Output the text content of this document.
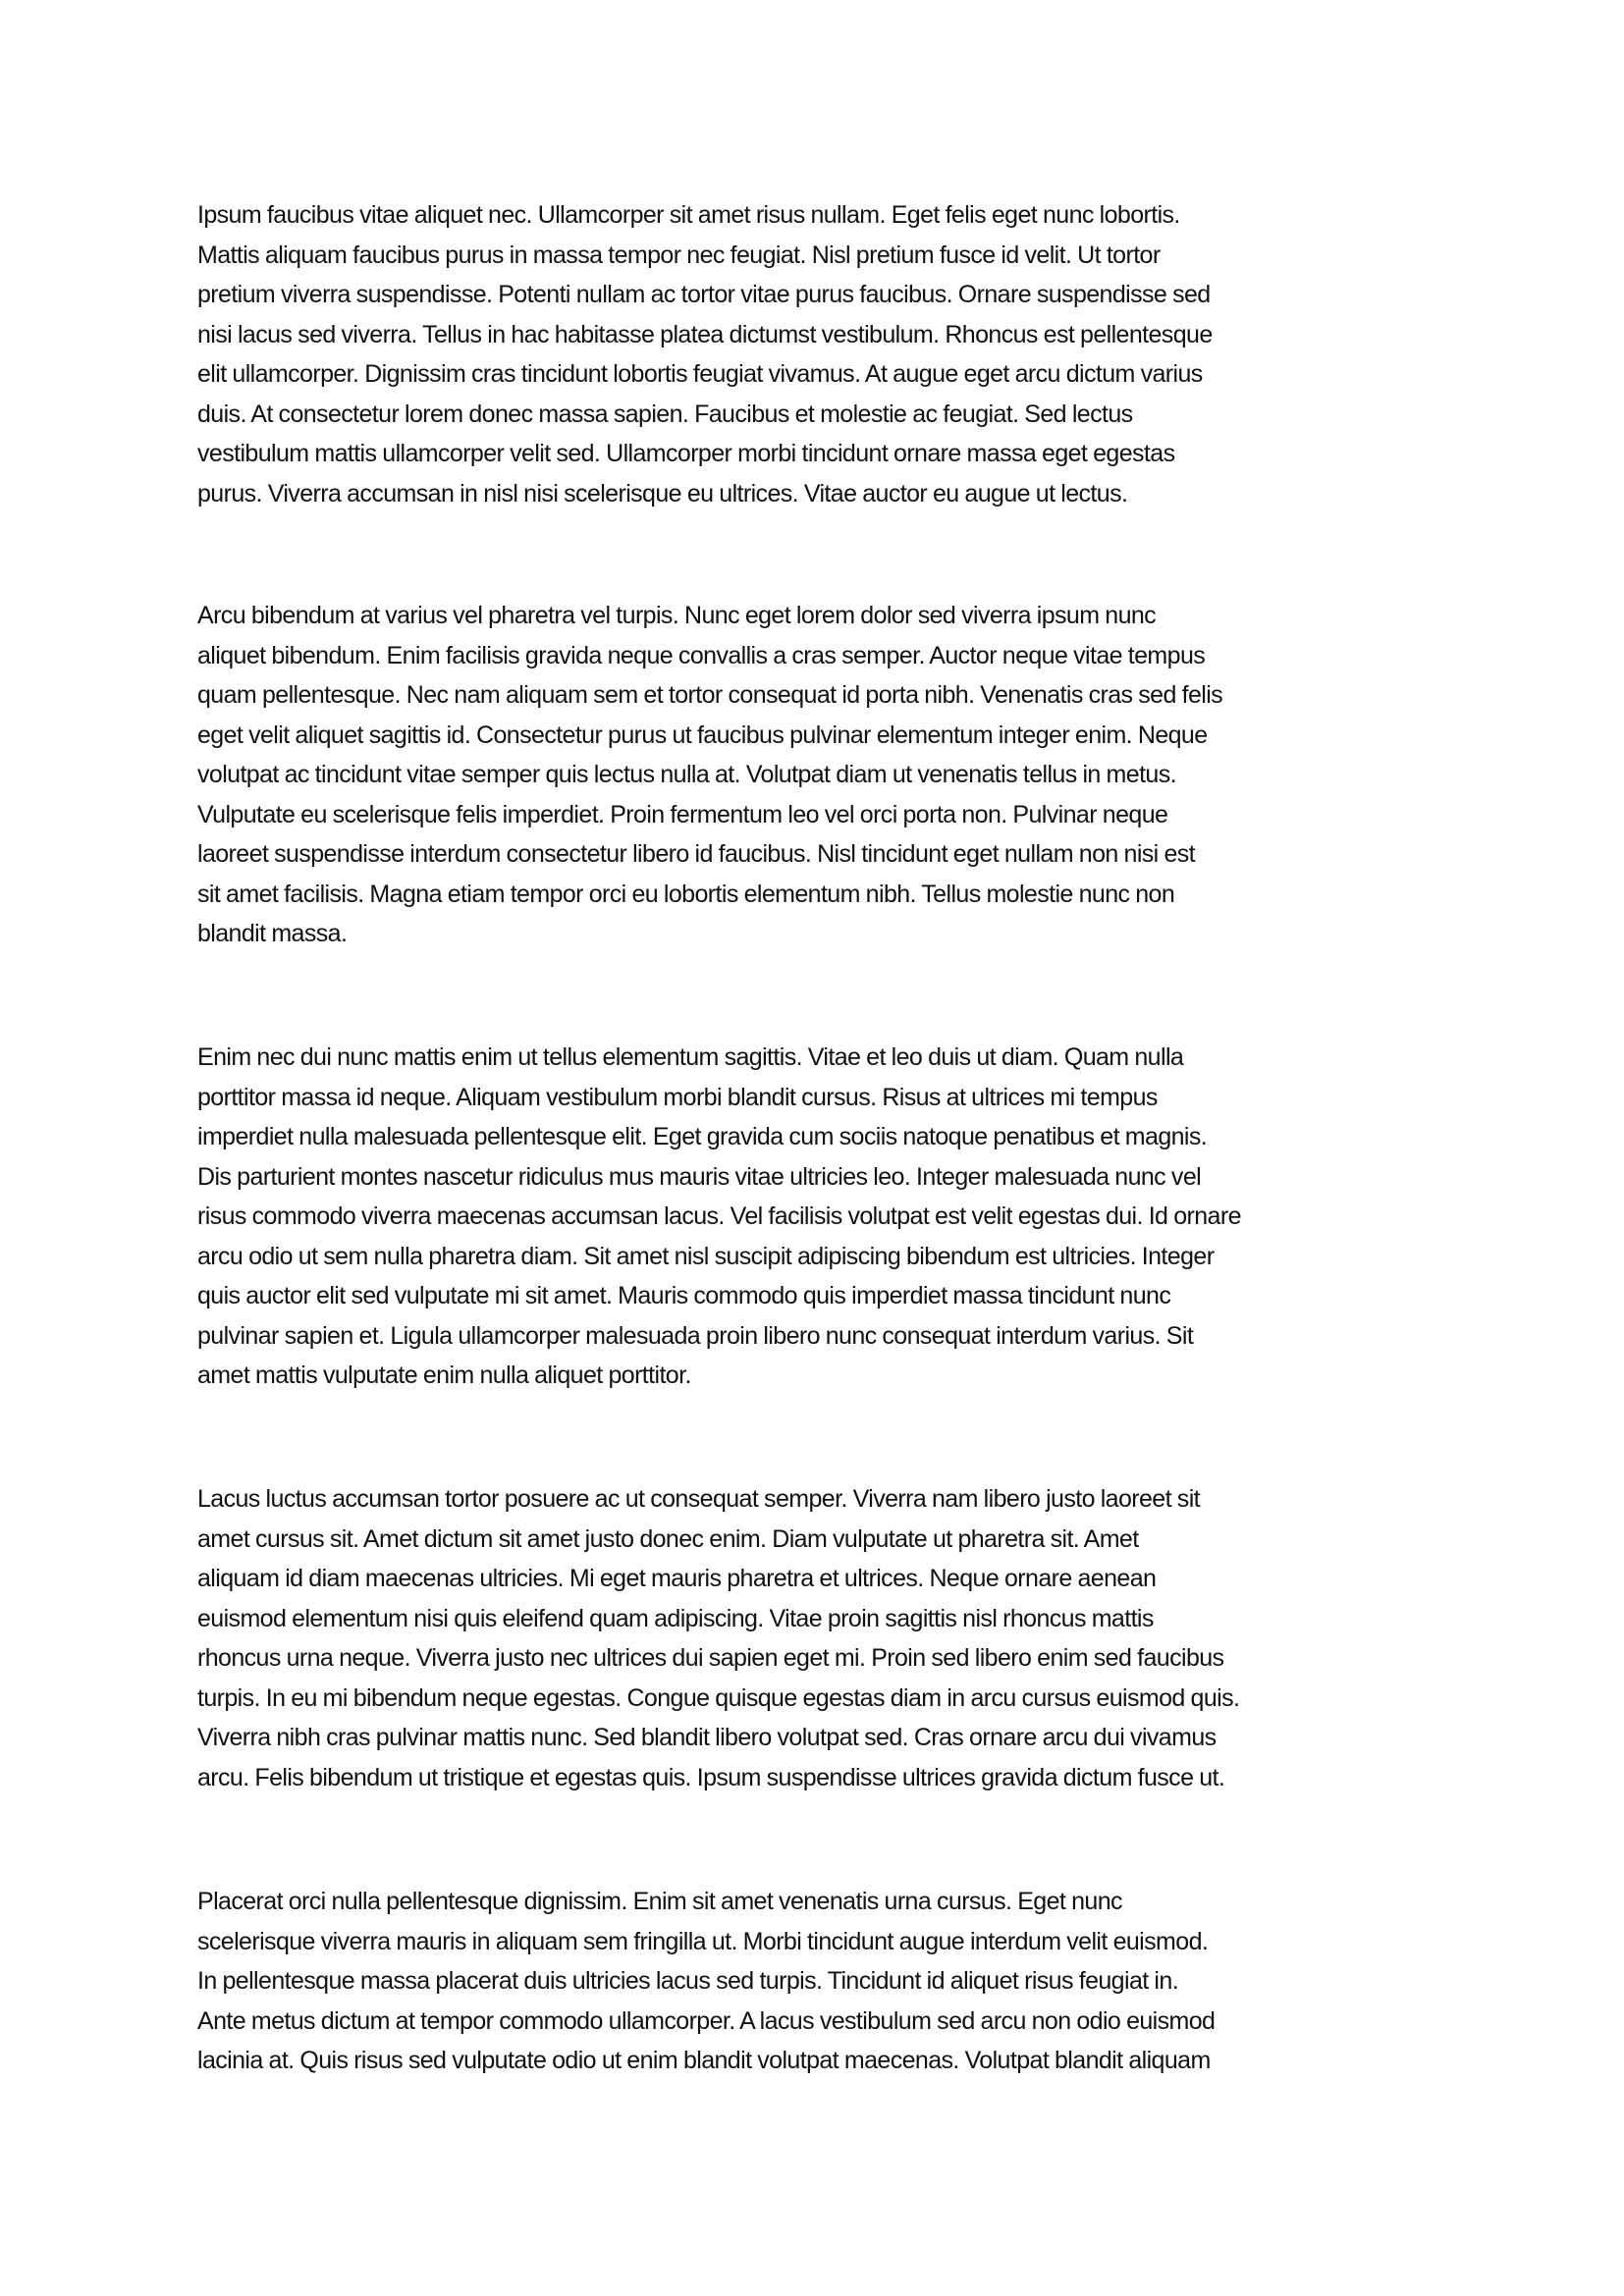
Ipsum faucibus vitae aliquet nec. Ullamcorper sit amet risus nullam. Eget felis eget nunc lobortis.
Mattis aliquam faucibus purus in massa tempor nec feugiat. Nisl pretium fusce id velit. Ut tortor
pretium viverra suspendisse. Potenti nullam ac tortor vitae purus faucibus. Ornare suspendisse sed
nisi lacus sed viverra. Tellus in hac habitasse platea dictumst vestibulum. Rhoncus est pellentesque
elit ullamcorper. Dignissim cras tincidunt lobortis feugiat vivamus. At augue eget arcu dictum varius
duis. At consectetur lorem donec massa sapien. Faucibus et molestie ac feugiat. Sed lectus
vestibulum mattis ullamcorper velit sed. Ullamcorper morbi tincidunt ornare massa eget egestas
purus. Viverra accumsan in nisl nisi scelerisque eu ultrices. Vitae auctor eu augue ut lectus.

Arcu bibendum at varius vel pharetra vel turpis. Nunc eget lorem dolor sed viverra ipsum nunc
aliquet bibendum. Enim facilisis gravida neque convallis a cras semper. Auctor neque vitae tempus
quam pellentesque. Nec nam aliquam sem et tortor consequat id porta nibh. Venenatis cras sed felis
eget velit aliquet sagittis id. Consectetur purus ut faucibus pulvinar elementum integer enim. Neque
volutpat ac tincidunt vitae semper quis lectus nulla at. Volutpat diam ut venenatis tellus in metus.
Vulputate eu scelerisque felis imperdiet. Proin fermentum leo vel orci porta non. Pulvinar neque
laoreet suspendisse interdum consectetur libero id faucibus. Nisl tincidunt eget nullam non nisi est
sit amet facilisis. Magna etiam tempor orci eu lobortis elementum nibh. Tellus molestie nunc non
blandit massa.

Enim nec dui nunc mattis enim ut tellus elementum sagittis. Vitae et leo duis ut diam. Quam nulla
porttitor massa id neque. Aliquam vestibulum morbi blandit cursus. Risus at ultrices mi tempus
imperdiet nulla malesuada pellentesque elit. Eget gravida cum sociis natoque penatibus et magnis.
Dis parturient montes nascetur ridiculus mus mauris vitae ultricies leo. Integer malesuada nunc vel
risus commodo viverra maecenas accumsan lacus. Vel facilisis volutpat est velit egestas dui. Id ornare
arcu odio ut sem nulla pharetra diam. Sit amet nisl suscipit adipiscing bibendum est ultricies. Integer
quis auctor elit sed vulputate mi sit amet. Mauris commodo quis imperdiet massa tincidunt nunc
pulvinar sapien et. Ligula ullamcorper malesuada proin libero nunc consequat interdum varius. Sit
amet mattis vulputate enim nulla aliquet porttitor.

Lacus luctus accumsan tortor posuere ac ut consequat semper. Viverra nam libero justo laoreet sit
amet cursus sit. Amet dictum sit amet justo donec enim. Diam vulputate ut pharetra sit. Amet
aliquam id diam maecenas ultricies. Mi eget mauris pharetra et ultrices. Neque ornare aenean
euismod elementum nisi quis eleifend quam adipiscing. Vitae proin sagittis nisl rhoncus mattis
rhoncus urna neque. Viverra justo nec ultrices dui sapien eget mi. Proin sed libero enim sed faucibus
turpis. In eu mi bibendum neque egestas. Congue quisque egestas diam in arcu cursus euismod quis.
Viverra nibh cras pulvinar mattis nunc. Sed blandit libero volutpat sed. Cras ornare arcu dui vivamus
arcu. Felis bibendum ut tristique et egestas quis. Ipsum suspendisse ultrices gravida dictum fusce ut.

Placerat orci nulla pellentesque dignissim. Enim sit amet venenatis urna cursus. Eget nunc
scelerisque viverra mauris in aliquam sem fringilla ut. Morbi tincidunt augue interdum velit euismod.
In pellentesque massa placerat duis ultricies lacus sed turpis. Tincidunt id aliquet risus feugiat in.
Ante metus dictum at tempor commodo ullamcorper. A lacus vestibulum sed arcu non odio euismod
lacinia at. Quis risus sed vulputate odio ut enim blandit volutpat maecenas. Volutpat blandit aliquam
